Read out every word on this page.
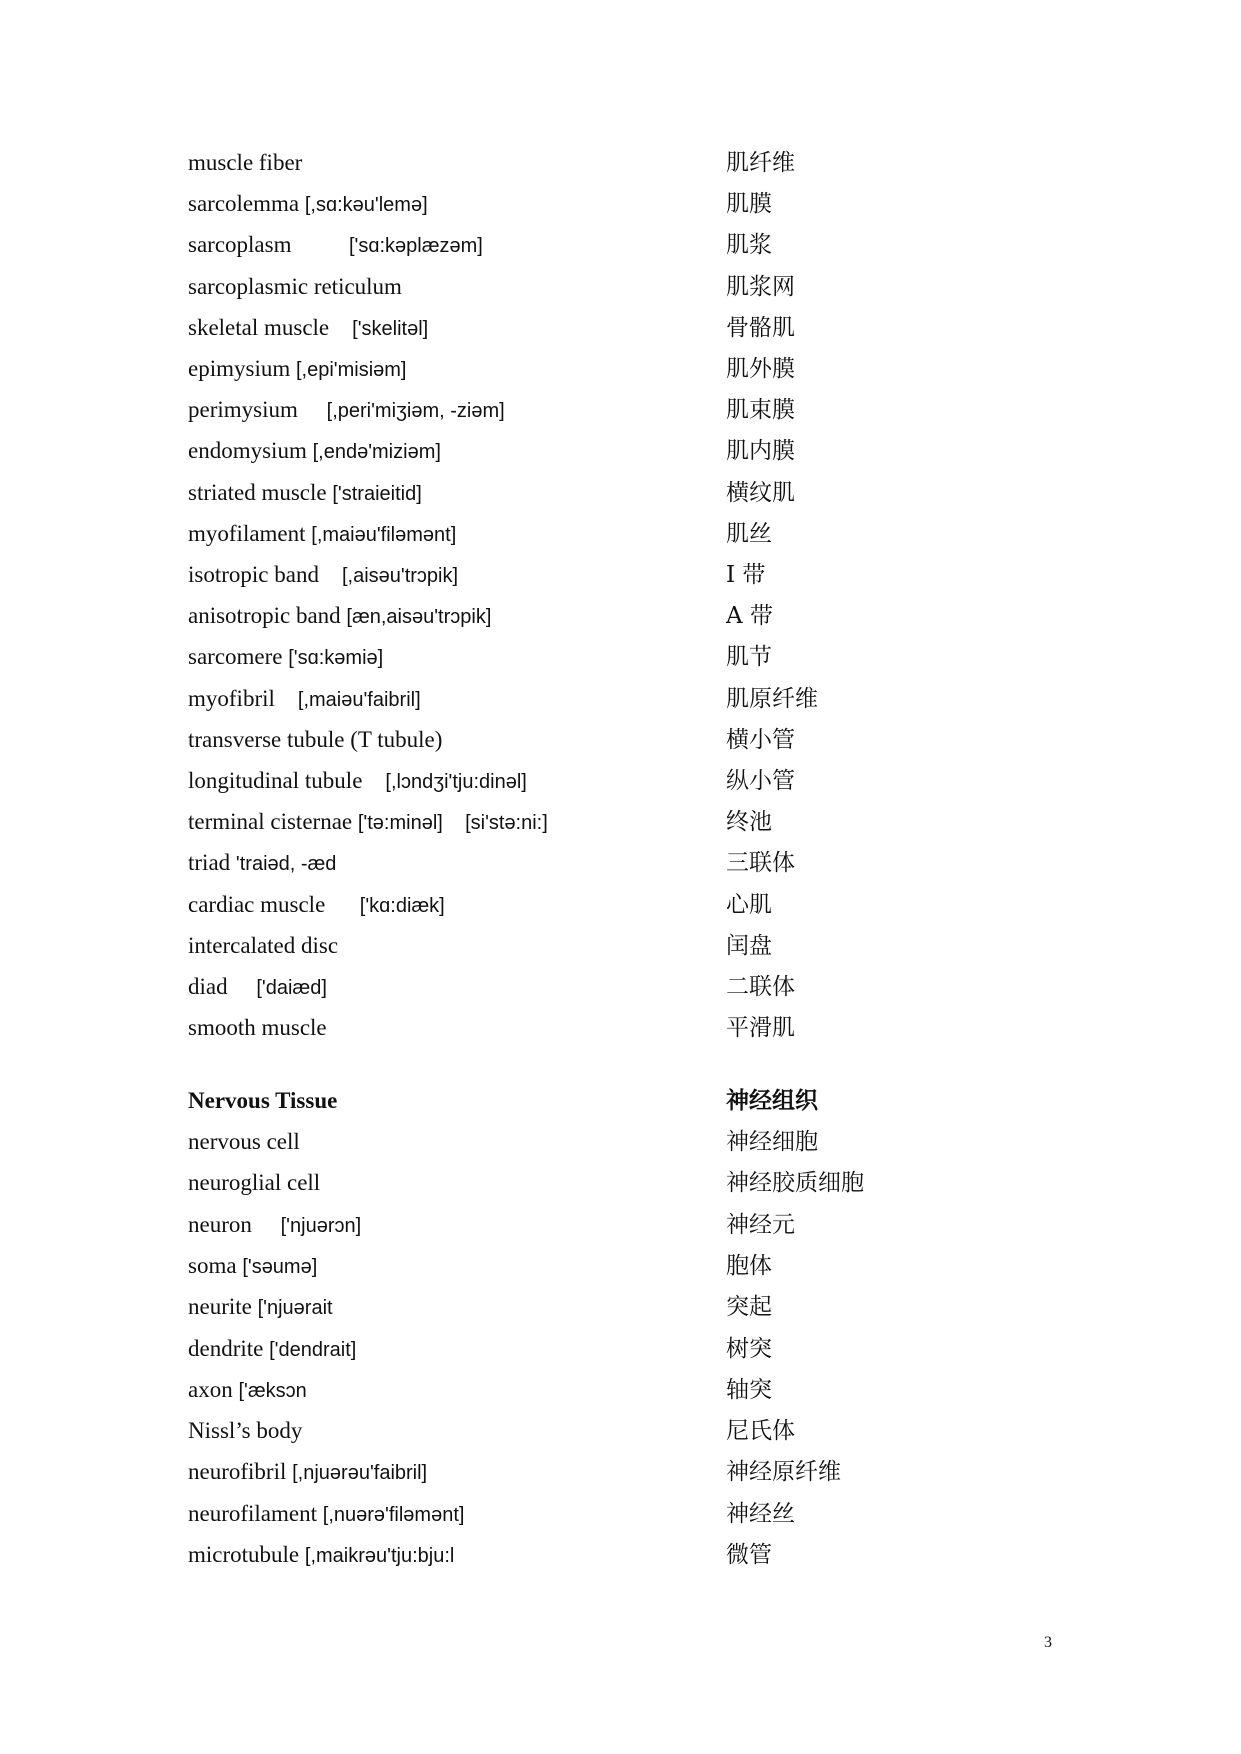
muscle fiber	肌纤维
sarcolemma [,sɑ:kəu'lemə]	肌膜
sarcoplasm          ['sɑ:kəplæzəm]	肌浆
sarcoplasmic reticulum	肌浆网
skeletal muscle    ['skelitəl]	骨骼肌
epimysium [,epi'misiəm]	肌外膜
perimysium     [,peri'miʒiəm, -ziəm]	肌束膜
endomysium [,endə'miziəm]	肌内膜
striated muscle ['straieitid]	横纹肌
myofilament [,maiəu'filəmənt]	肌丝
isotropic band    [,aisəu'trɔpik]	I 带
anisotropic band [æn,aisəu'trɔpik]	A 带
sarcomere ['sɑ:kəmiə]	肌节
myofibril    [,maiəu'faibril]	肌原纤维
transverse tubule (T tubule)	横小管
longitudinal tubule    [,lɔndʒi'tju:dinəl]	纵小管
terminal cisternae ['tə:minəl]    [si'stə:ni:]	终池
triad 'traiəd, -æd	三联体
cardiac muscle      ['kɑ:diæk]	心肌
intercalated disc	闰盘
diad     ['daiæd]	二联体
smooth muscle	平滑肌
Nervous Tissue	神经组织
nervous cell	神经细胞
neuroglial cell	神经胶质细胞
neuron     ['njuərɔn]	神经元
soma ['səumə]	胞体
neurite ['njuərait	突起
dendrite ['dendrait]	树突
axon ['æksɔn	轴突
Nissl’s body	尼氏体
neurofibril [,njuərəu'faibril]	神经原纤维
neurofilament [,nuərə'filəmənt]	神经丝
microtubule [,maikrəu'tju:bju:l	微管
3
